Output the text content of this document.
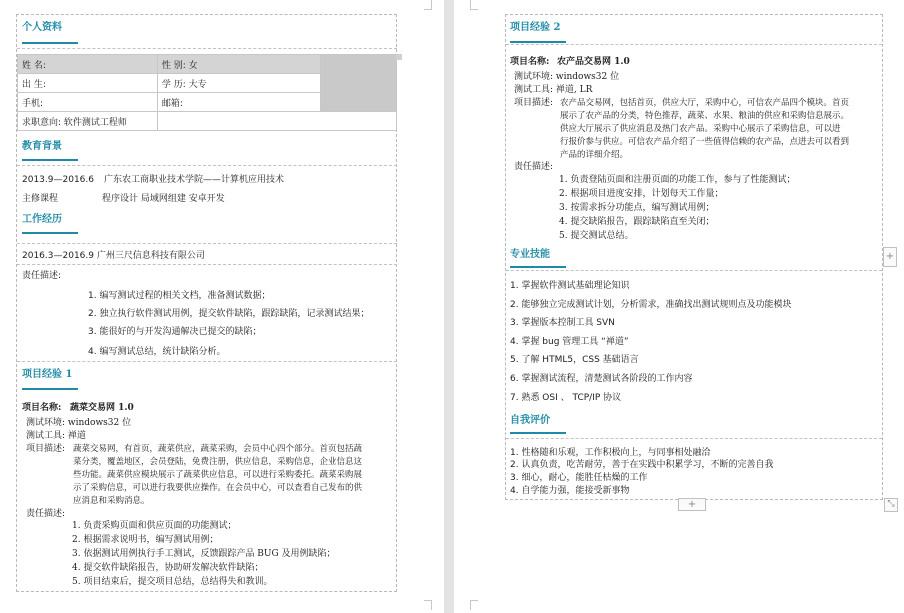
个人资料
姓 名:	性 别: 女	
出 生:	学 历: 大专	
手机:	邮箱:	
求职意向: 软件测试工程师		
教育背景
2013.9—2016.6 广东农工商职业技术学院——计算机应用技术
主修课程	程序设计 局域网组建 安卓开发
工作经历
2016.3—2016.9 广州三尺信息科技有限公司
责任描述:
1. 编写测试过程的相关文档，准备测试数据；
2. 独立执行软件测试用例，提交软件缺陷，跟踪缺陷，记录测试结果；
3. 能很好的与开发沟通解决已提交的缺陷；
4. 编写测试总结，统计缺陷分析。
项目经验 1
项目名称: 蔬菜交易网 1.0
测试环境: windows32 位
测试工具: 禅道
项目描述: 蔬菜交易网，有首页，蔬菜供应，蔬菜采购，会员中心四个部分。首页包括蔬
菜分类，覆盖地区，会员登陆，免费注册，供应信息，采购信息，企业信息这
些功能。蔬菜供应模块展示了蔬菜供应信息，可以进行采购委托。蔬菜采购展
示了采购信息，可以进行我要供应操作。在会员中心，可以查看自己发布的供
应消息和采购消息。
责任描述:
1. 负责采购页面和供应页面的功能测试；
2. 根据需求说明书，编写测试用例；
3. 依据测试用例执行手工测试，反馈跟踪产品 BUG 及用例缺陷；
4. 提交软件缺陷报告，协助研发解决软件缺陷；
5. 项目结束后，提交项目总结，总结得失和教训。
项目经验 2
项目名称: 农产品交易网 1.0
测试环境: windows32 位
测试工具: 禅道, LR
项目描述: 农产品交易网，包括首页，供应大厅，采购中心，可信农产品四个模块。首页
展示了农产品的分类，特色推荐，蔬菜、水果、粮油的供应和采购信息展示。
供应大厅展示了供应消息及热门农产品。采购中心展示了采购信息，可以进
行报价参与供应。可信农产品介绍了一些值得信赖的农产品，点进去可以看到
产品的详细介绍。
责任描述:
1. 负责登陆页面和注册页面的功能工作，参与了性能测试；
2. 根据项目进度安排，计划每天工作量；
3. 按需求拆分功能点，编写测试用例；
4. 提交缺陷报告，跟踪缺陷直至关闭；
5. 提交测试总结。
专业技能
1. 掌握软件测试基础理论知识
2. 能够独立完成测试计划，分析需求，准确找出测试规则点及功能模块
3. 掌握版本控制工具 SVN
4. 掌握 bug 管理工具 “禅道”
5. 了解 HTML5，CSS 基础语言
6. 掌握测试流程，清楚测试各阶段的工作内容
7. 熟悉 OSI 、 TCP/IP 协议
自我评价
1. 性格随和乐观，工作积极向上，与同事相处融洽
2. 认真负责，吃苦耐劳，善于在实践中积累学习，不断的完善自我
3. 细心，耐心，能胜任枯燥的工作
4. 自学能力强，能接受新事物
+
+	⤡
